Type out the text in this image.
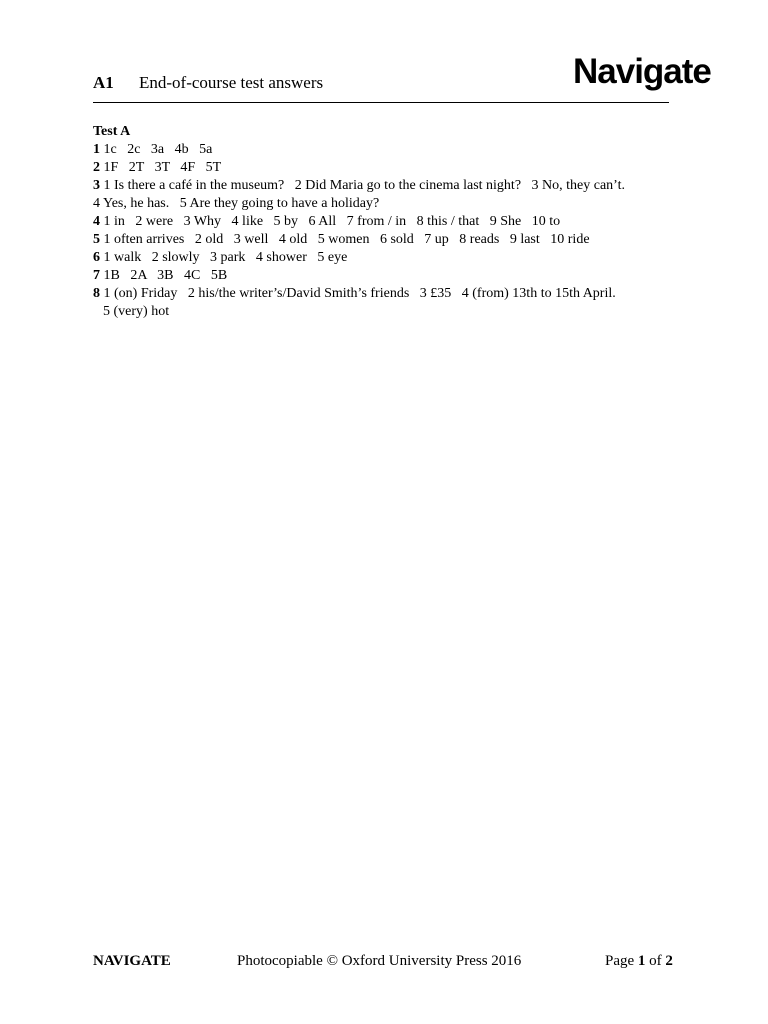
A1 End-of-course test answers	Navigate
Test A
1 1c   2c   3a   4b   5a
2 1F   2T   3T   4F   5T
3 1 Is there a café in the museum?   2 Did Maria go to the cinema last night?   3 No, they can’t.
4 Yes, he has.   5 Are they going to have a holiday?
4 1 in   2 were   3 Why   4 like   5 by   6 All   7 from / in   8 this / that   9 She   10 to
5 1 often arrives   2 old   3 well   4 old   5 women   6 sold   7 up   8 reads   9 last   10 ride
6 1 walk   2 slowly   3 park   4 shower   5 eye
7 1B   2A   3B   4C   5B
8 1 (on) Friday   2 his/the writer’s/David Smith’s friends   3 £35   4 (from) 13th to 15th April.
5 (very) hot
NAVIGATE	Photocopiable © Oxford University Press 2016	Page 1 of 2
